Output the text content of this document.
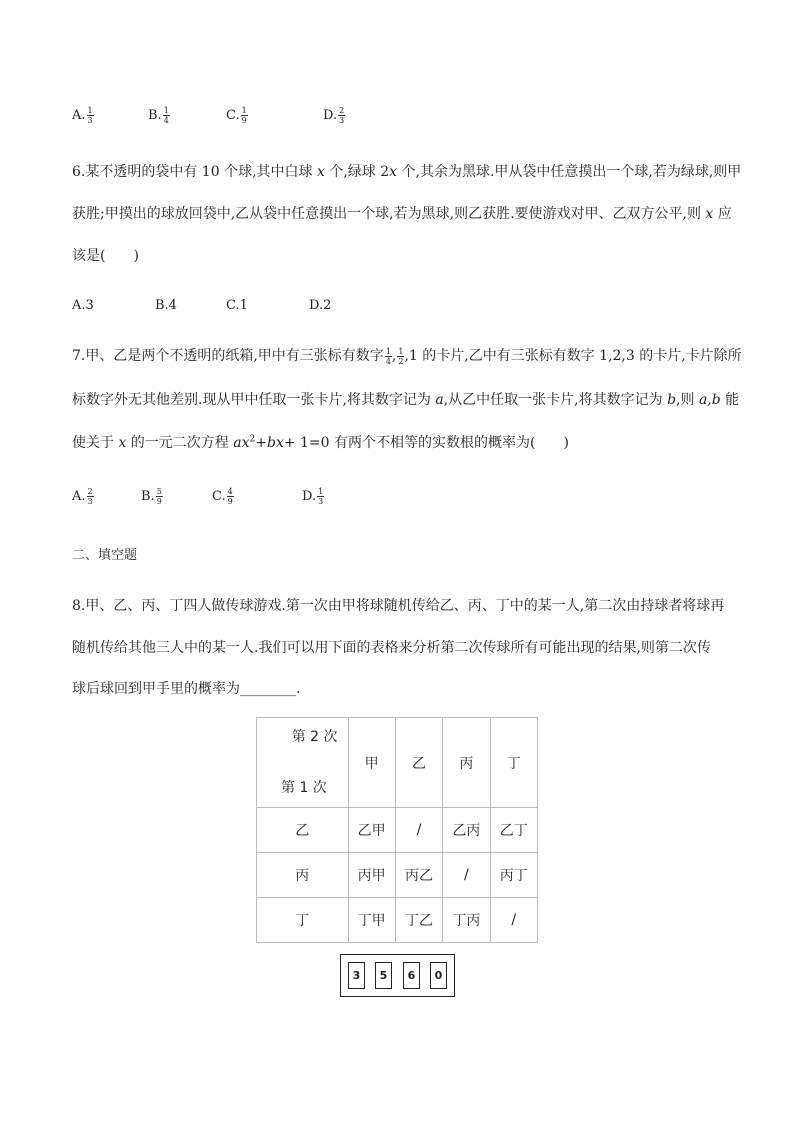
A. $\frac{1}{3}$	B. $\frac{1}{4}$	C. $\frac{1}{9}$	D. $\frac{2}{3}$
6.某不透明的袋中有 10 个球,其中白球 x 个,绿球 2x 个,其余为黑球.甲从袋中任意摸出一个球,若为绿球,则甲
获胜;甲摸出的球放回袋中,乙从袋中任意摸出一个球,若为黑球,则乙获胜.要使游戏对甲、乙双方公平,则 x 应
该是(　　)
A.3	B.4	C.1	D.2
7.甲、乙是两个不透明的纸箱,甲中有三张标有数字 $\frac{1}{4}$ , $\frac{1}{2} ,1$ 的卡片,乙中有三张标有数字 1,2,3 的卡片,卡片除所
标数字外无其他差别.现从甲中任取一张卡片,将其数字记为 a,从乙中任取一张卡片,将其数字记为 b,则 a,b 能
使关于 x 的一元二次方程 $ax^2+bx+ 1=0$ 有两个不相等的实数根的概率为(　　)
A. $\frac{2}{3}$	B. $\frac{5}{9}$	C. $\frac{4}{9}$	D. $\frac{1}{3}$
二、填空题
8.甲、乙、丙、丁四人做传球游戏.第一次由甲将球随机传给乙、丙、丁中的某一人,第二次由持球者将球再
随机传给其他三人中的某一人.我们可以用下面的表格来分析第二次传球所有可能出现的结果,则第二次传
球后球回到甲手里的概率为________.
第 2 次
第 1 次	甲	乙	丙	丁
乙	乙甲	/	乙丙	乙丁
丙	丙甲	丙乙	/	丙丁
丁	丁甲	丁乙	丁丙	/
3	5	6	0
